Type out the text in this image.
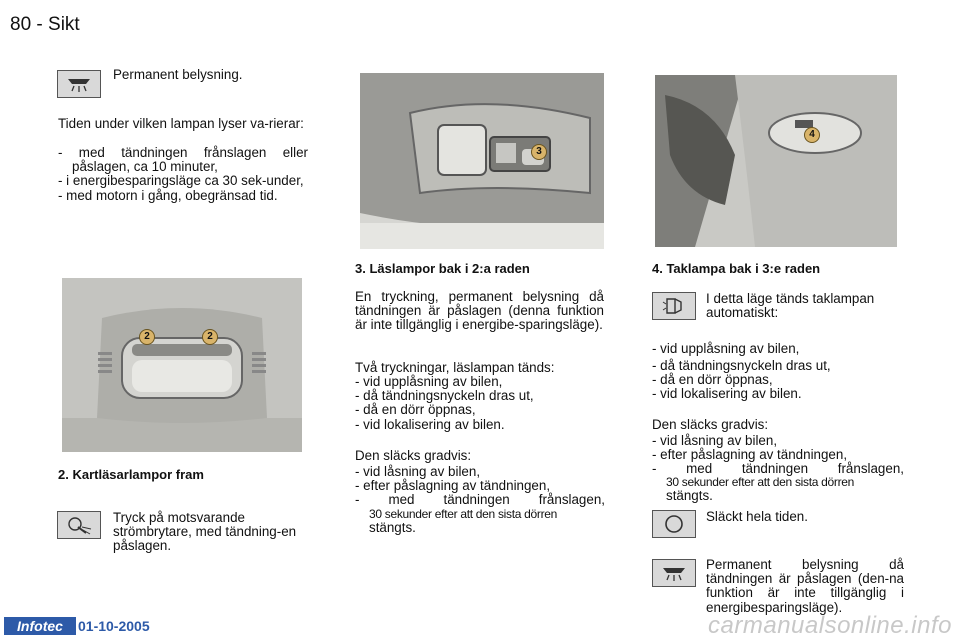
80 - Sikt
Permanent belysning.
Tiden under vilken lampan lyser va-rierar:
- med tändningen frånslagen eller påslagen, ca 10 minuter,
- i energibesparingsläge ca 30 sek-under,
- med motorn i gång, obegränsad tid.
2	2
2. Kartläsarlampor fram
Tryck på motsvarande strömbrytare, med tändning-en påslagen.
3
3. Läslampor bak i 2:a raden
En tryckning, permanent belysning då tändningen är påslagen (denna funktion är inte tillgänglig i energibe-sparingsläge).
Två tryckningar, läslampan tänds:
- vid upplåsning av bilen,
- då tändningsnyckeln dras ut,
- då en dörr öppnas,
- vid lokalisering av bilen.
Den släcks gradvis:
- vid låsning av bilen,
- efter påslagning av tändningen,
- med tändningen frånslagen,
30 sekunder efter att den sista dörren
stängts.
4
4. Taklampa bak i 3:e raden
I detta läge tänds taklampan automatiskt:
- vid upplåsning av bilen,
- då tändningsnyckeln dras ut,
- då en dörr öppnas,
- vid lokalisering av bilen.
Den släcks gradvis:
- vid låsning av bilen,
- efter påslagning av tändningen,
- med tändningen frånslagen,
30 sekunder efter att den sista dörren
stängts.
Släckt hela tiden.
Permanent belysning då tändningen är påslagen (den-na funktion är inte tillgänglig i energibesparingsläge).
Infotec	01-10-2005	carmanualsonline.info
